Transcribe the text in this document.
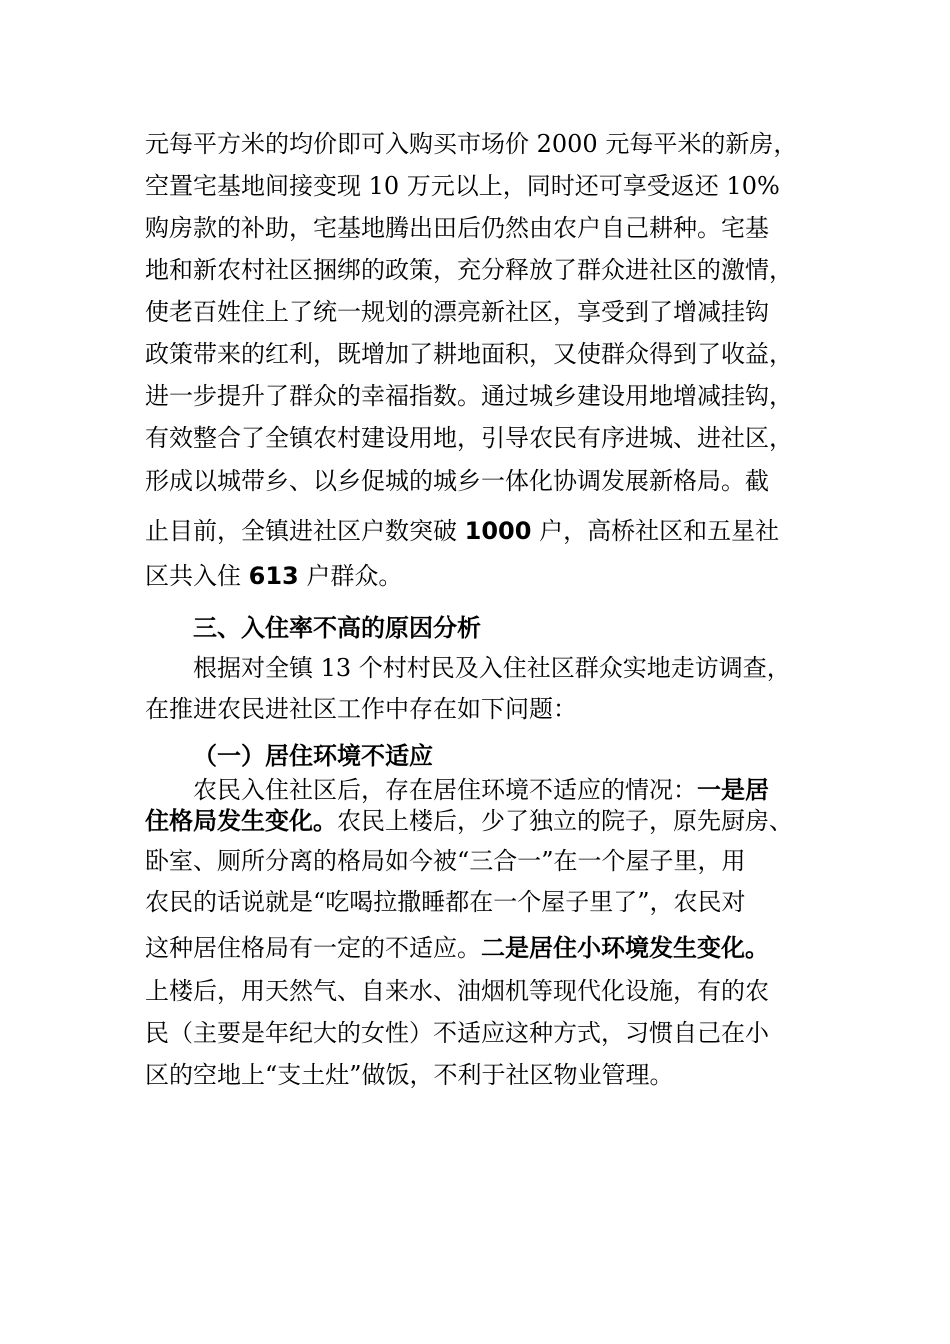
元每平方米的均价即可入购买市场价 2000 元每平米的新房，
空置宅基地间接变现 10 万元以上，同时还可享受返还 10%
购房款的补助，宅基地腾出田后仍然由农户自己耕种。宅基
地和新农村社区捆绑的政策，充分释放了群众进社区的激情，
使老百姓住上了统一规划的漂亮新社区，享受到了增减挂钩
政策带来的红利，既增加了耕地面积，又使群众得到了收益，
进一步提升了群众的幸福指数。通过城乡建设用地增减挂钩，
有效整合了全镇农村建设用地，引导农民有序进城、进社区，
形成以城带乡、以乡促城的城乡一体化协调发展新格局。截
止目前，全镇进社区户数突破 1000 户，高桥社区和五星社
区共入住 613 户群众。
三、入住率不高的原因分析
根据对全镇 13 个村村民及入住社区群众实地走访调查，
在推进农民进社区工作中存在如下问题：
（一）居住环境不适应
农民入住社区后，存在居住环境不适应的情况：一是居
住格局发生变化。农民上楼后，少了独立的院子，原先厨房、
卧室、厕所分离的格局如今被“三合一”在一个屋子里，用
农民的话说就是“吃喝拉撒睡都在一个屋子里了”，农民对
这种居住格局有一定的不适应。二是居住小环境发生变化。
上楼后，用天然气、自来水、油烟机等现代化设施，有的农
民（主要是年纪大的女性）不适应这种方式，习惯自己在小
区的空地上“支土灶”做饭，不利于社区物业管理。
